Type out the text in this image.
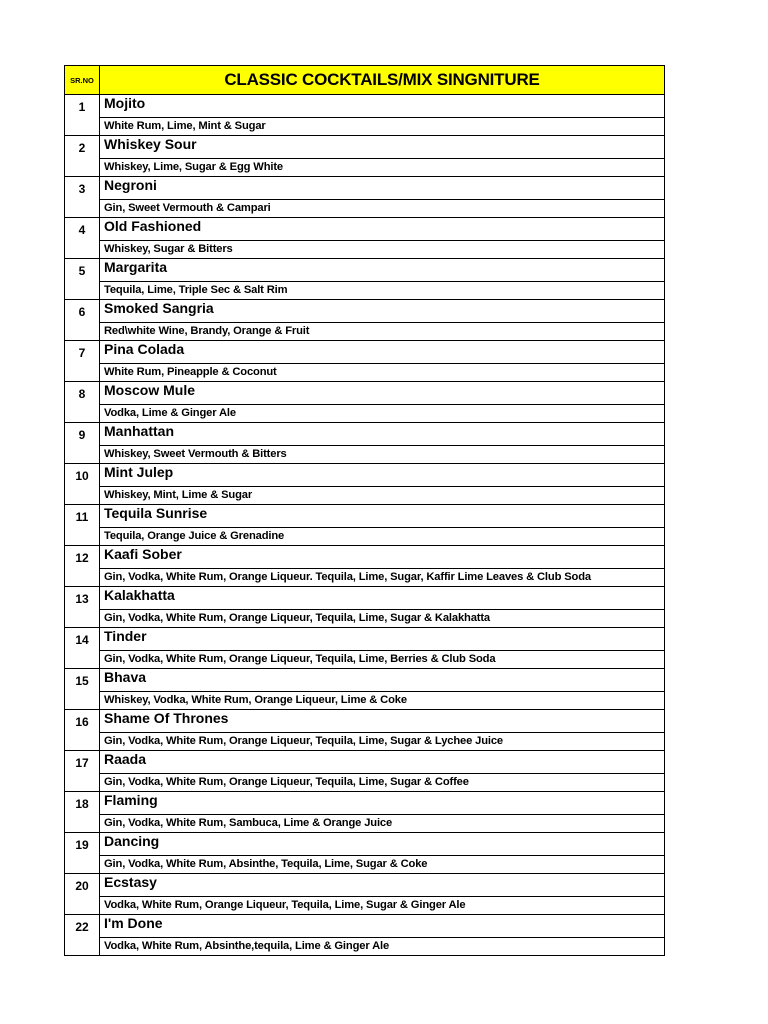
SR.NO	CLASSIC COCKTAILS/MIX SINGNITURE
1	Mojito
White Rum, Lime, Mint & Sugar
2	Whiskey Sour
Whiskey, Lime, Sugar & Egg White
3	Negroni
Gin, Sweet Vermouth & Campari
4	Old Fashioned
Whiskey, Sugar & Bitters
5	Margarita
Tequila, Lime, Triple Sec & Salt Rim
6	Smoked Sangria
Red\white Wine, Brandy, Orange & Fruit
7	Pina Colada
White Rum, Pineapple & Coconut
8	Moscow Mule
Vodka, Lime & Ginger Ale
9	Manhattan
Whiskey, Sweet Vermouth & Bitters
10	Mint Julep
Whiskey, Mint, Lime & Sugar
11	Tequila Sunrise
Tequila, Orange Juice & Grenadine
12	Kaafi Sober
Gin, Vodka, White Rum, Orange Liqueur. Tequila, Lime, Sugar, Kaffir Lime Leaves & Club Soda
13	Kalakhatta
Gin, Vodka, White Rum, Orange Liqueur, Tequila, Lime, Sugar & Kalakhatta
14	Tinder
Gin, Vodka, White Rum, Orange Liqueur, Tequila, Lime, Berries & Club Soda
15	Bhava
Whiskey, Vodka, White Rum, Orange Liqueur, Lime & Coke
16	Shame Of Thrones
Gin, Vodka, White Rum, Orange Liqueur, Tequila, Lime, Sugar & Lychee Juice
17	Raada
Gin, Vodka, White Rum, Orange Liqueur, Tequila, Lime, Sugar & Coffee
18	Flaming
Gin, Vodka, White Rum, Sambuca, Lime & Orange Juice
19	Dancing
Gin, Vodka, White Rum, Absinthe, Tequila, Lime, Sugar & Coke
20	Ecstasy
Vodka, White Rum, Orange Liqueur, Tequila, Lime, Sugar & Ginger Ale
22	I'm Done
Vodka, White Rum, Absinthe,tequila, Lime & Ginger Ale
